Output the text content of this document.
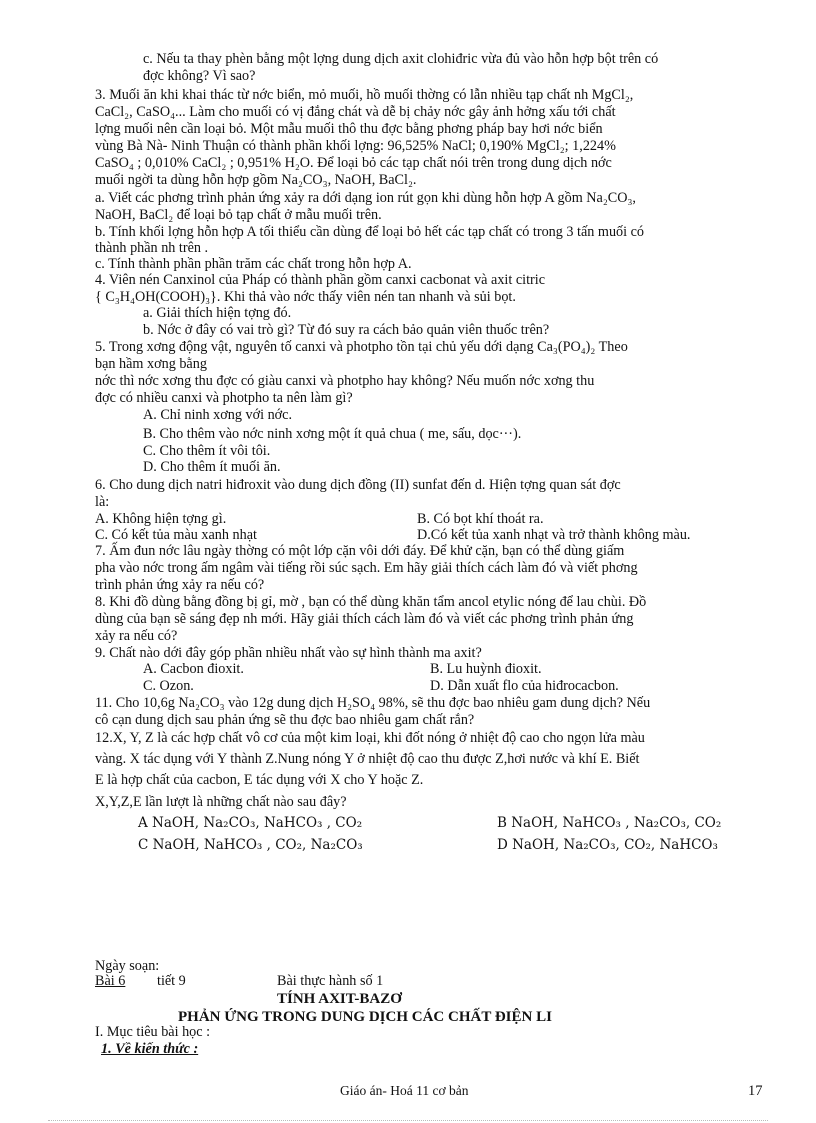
c. Nếu ta thay phèn bằng một lợng dung dịch axit clohiđric vừa đủ vào hỗn hợp bột trên có
đợc không? Vì sao?
3. Muối ăn khi khai thác từ nớc biển, mỏ muối, hồ muối thờng có lẫn nhiều tạp chất nh MgCl₂,
CaCl₂, CaSO₄... Làm cho muối có vị đắng chát và dễ bị chảy nớc gây ảnh hởng xấu tới chất
lợng muối nên cần loại bỏ. Một mẫu muối thô thu đợc bằng phơng pháp bay hơi nớc biển
vùng Bà Nà- Ninh Thuận có thành phần khối lợng: 96,525% NaCl; 0,190% MgCl₂; 1,224%
CaSO₄ ; 0,010% CaCl₂ ; 0,951% H₂O. Để loại bỏ các tạp chất nói trên trong dung dịch nớc
muối ngời ta dùng hỗn hợp gồm Na₂CO₃, NaOH, BaCl₂.
a. Viết các phơng trình phản ứng xảy ra dới dạng ion rút gọn khi dùng hỗn hợp A gồm Na₂CO₃,
NaOH, BaCl₂ để loại bỏ tạp chất ở mẫu muối trên.
b. Tính khối lợng hỗn hợp A tối thiểu cần dùng để loại bỏ hết các tạp chất có trong 3 tấn muối có
thành phần nh trên .
c. Tính thành phần phần trăm các chất trong hỗn hợp A.
4. Viên nén Canxinol của Pháp có thành phần gồm canxi cacbonat và axit citric
{ C₃H₄OH(COOH)₃}. Khi thả vào nớc thấy viên nén tan nhanh và sủi bọt.
a. Giải thích hiện tợng đó.
b. Nớc ở đây có vai trò gì? Từ đó suy ra cách bảo quản viên thuốc trên?
5. Trong xơng động vật, nguyên tố canxi và photpho tồn tại chủ yếu dới dạng Ca₃(PO₄)₂ Theo
bạn hầm xơng bằng
nớc thì nớc xơng thu đợc có giàu canxi và photpho hay không? Nếu muốn nớc xơng thu
đợc có nhiều canxi và photpho ta nên làm gì?
A. Chỉ ninh xơng với nớc.
B. Cho thêm vào nớc ninh xơng một ít quả chua ( me, sấu, dọc···).
C. Cho thêm ít vôi tôi.
D. Cho thêm ít muối ăn.
6. Cho dung dịch natri hiđroxit vào dung dịch đồng (II) sunfat đến d. Hiện tợng quan sát đợc
là:
A. Không hiện tợng gì.	B. Có bọt khí thoát ra.
C. Có kết tủa màu xanh nhạt	D.Có kết tủa xanh nhạt và trở thành không màu.
7. Ấm đun nớc lâu ngày thờng có một lớp cặn vôi dới đáy. Để khử cặn, bạn có thể dùng giấm
pha vào nớc trong ấm ngâm vài tiếng rồi súc sạch. Em hãy giải thích cách làm đó và viết phơng
trình phản ứng xảy ra nếu có?
8. Khi đồ dùng bằng đồng bị gỉ, mờ , bạn có thể dùng khăn tẩm ancol etylic nóng để lau chùi. Đồ
dùng của bạn sẽ sáng đẹp nh mới. Hãy giải thích cách làm đó và viết các phơng trình phản ứng
xảy ra nếu có?
9. Chất nào dới đây góp phần nhiều nhất vào sự hình thành ma axit?
A. Cacbon đioxit.	B. Lu huỳnh đioxit.
C. Ozon.	D. Dẫn xuất flo của hiđrocacbon.
11. Cho 10,6g Na₂CO₃ vào 12g dung dịch H₂SO₄ 98%, sẽ thu đợc bao nhiêu gam dung dịch? Nếu
cô cạn dung dịch sau phản ứng sẽ thu đợc bao nhiêu gam chất rắn?
12.X, Y, Z là các hợp chất vô cơ của một kim loại, khi đốt nóng ở nhiệt độ cao cho ngọn lửa màu
vàng. X tác dụng với Y thành Z.Nung nóng Y ở nhiệt độ cao thu được Z,hơi nước và khí E. Biết
E là hợp chất của cacbon, E tác dụng với X cho Y hoặc Z.
X,Y,Z,E lần lượt là những chất nào sau đây?
A NaOH, Na₂CO₃, NaHCO₃ , CO₂	B NaOH, NaHCO₃ , Na₂CO₃, CO₂
C NaOH, NaHCO₃ , CO₂, Na₂CO₃	D NaOH, Na₂CO₃, CO₂, NaHCO₃
Ngày soạn:
Bài 6 tiết 9	Bài thực hành số 1
TÍNH AXIT-BAZƠ
PHẢN ỨNG TRONG DUNG DỊCH CÁC CHẤT ĐIỆN LI
I. Mục tiêu bài học :
1. Về kiến thức :
Giáo án- Hoá 11 cơ bản	17
